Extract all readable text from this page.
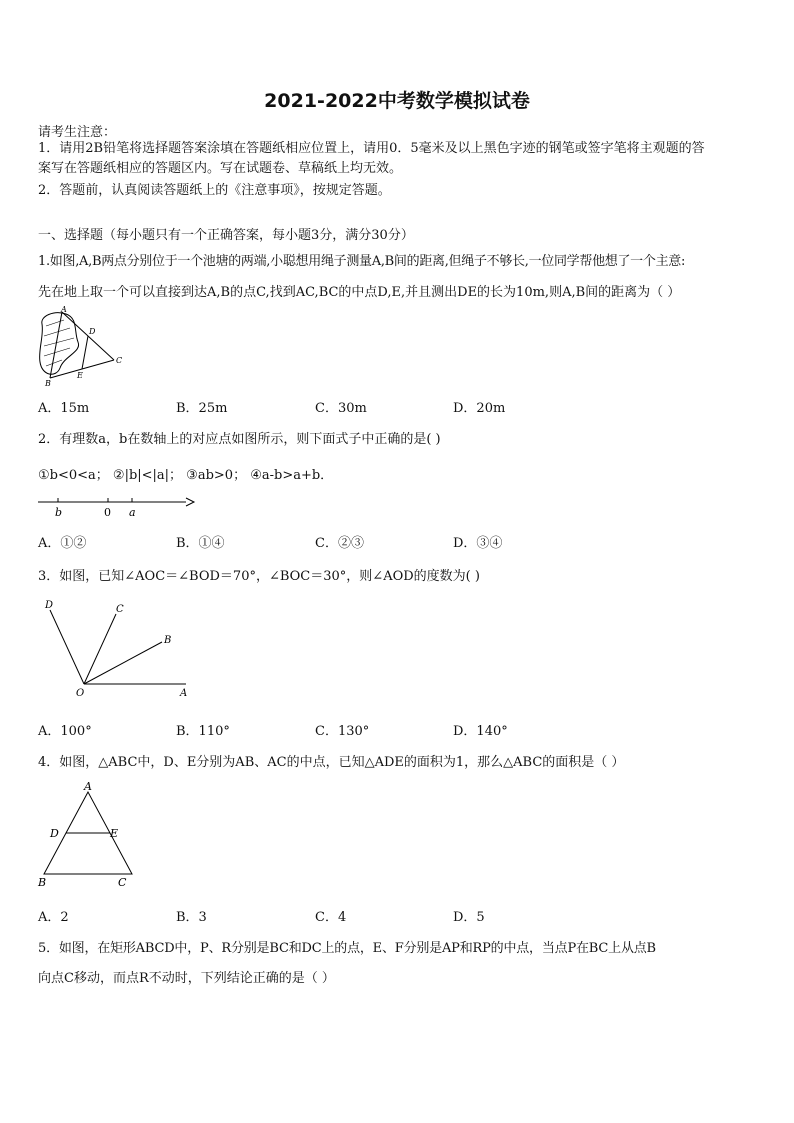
2021-2022中考数学模拟试卷
请考生注意：
1．请用2B铅笔将选择题答案涂填在答题纸相应位置上，请用0．5毫米及以上黑色字迹的钢笔或签字笔将主观题的答
案写在答题纸相应的答题区内。写在试题卷、草稿纸上均无效。
2．答题前，认真阅读答题纸上的《注意事项》，按规定答题。
一、选择题（每小题只有一个正确答案，每小题3分，满分30分）
1.如图,A,B两点分别位于一个池塘的两端,小聪想用绳子测量A,B间的距离,但绳子不够长,一位同学帮他想了一个主意:
先在地上取一个可以直接到达A,B的点C,找到AC,BC的中点D,E,并且测出DE的长为10m,则A,B间的距离为（ ）
A
D
C
B
E
A．15m	B．25m	C．30m	D．20m
2．有理数a，b在数轴上的对应点如图所示，则下面式子中正确的是( )
①b<0<a； ②|b|<|a|； ③ab>0； ④a-b>a+b．
b	0 a
A．①②	B．①④	C．②③	D．③④
3．如图，已知∠AOC＝∠BOD＝70°，∠BOC＝30°，则∠AOD的度数为( )
D	C
B
O	A
A．100°	B．110°	C．130°	D．140°
4．如图，△ABC中，D、E分别为AB、AC的中点，已知△ADE的面积为1，那么△ABC的面积是（ ）
A
D	E
B	C
A．2	B．3	C．4	D．5
5．如图，在矩形ABCD中，P、R分别是BC和DC上的点，E、F分别是AP和RP的中点，当点P在BC上从点B
向点C移动，而点R不动时，下列结论正确的是（ ）
